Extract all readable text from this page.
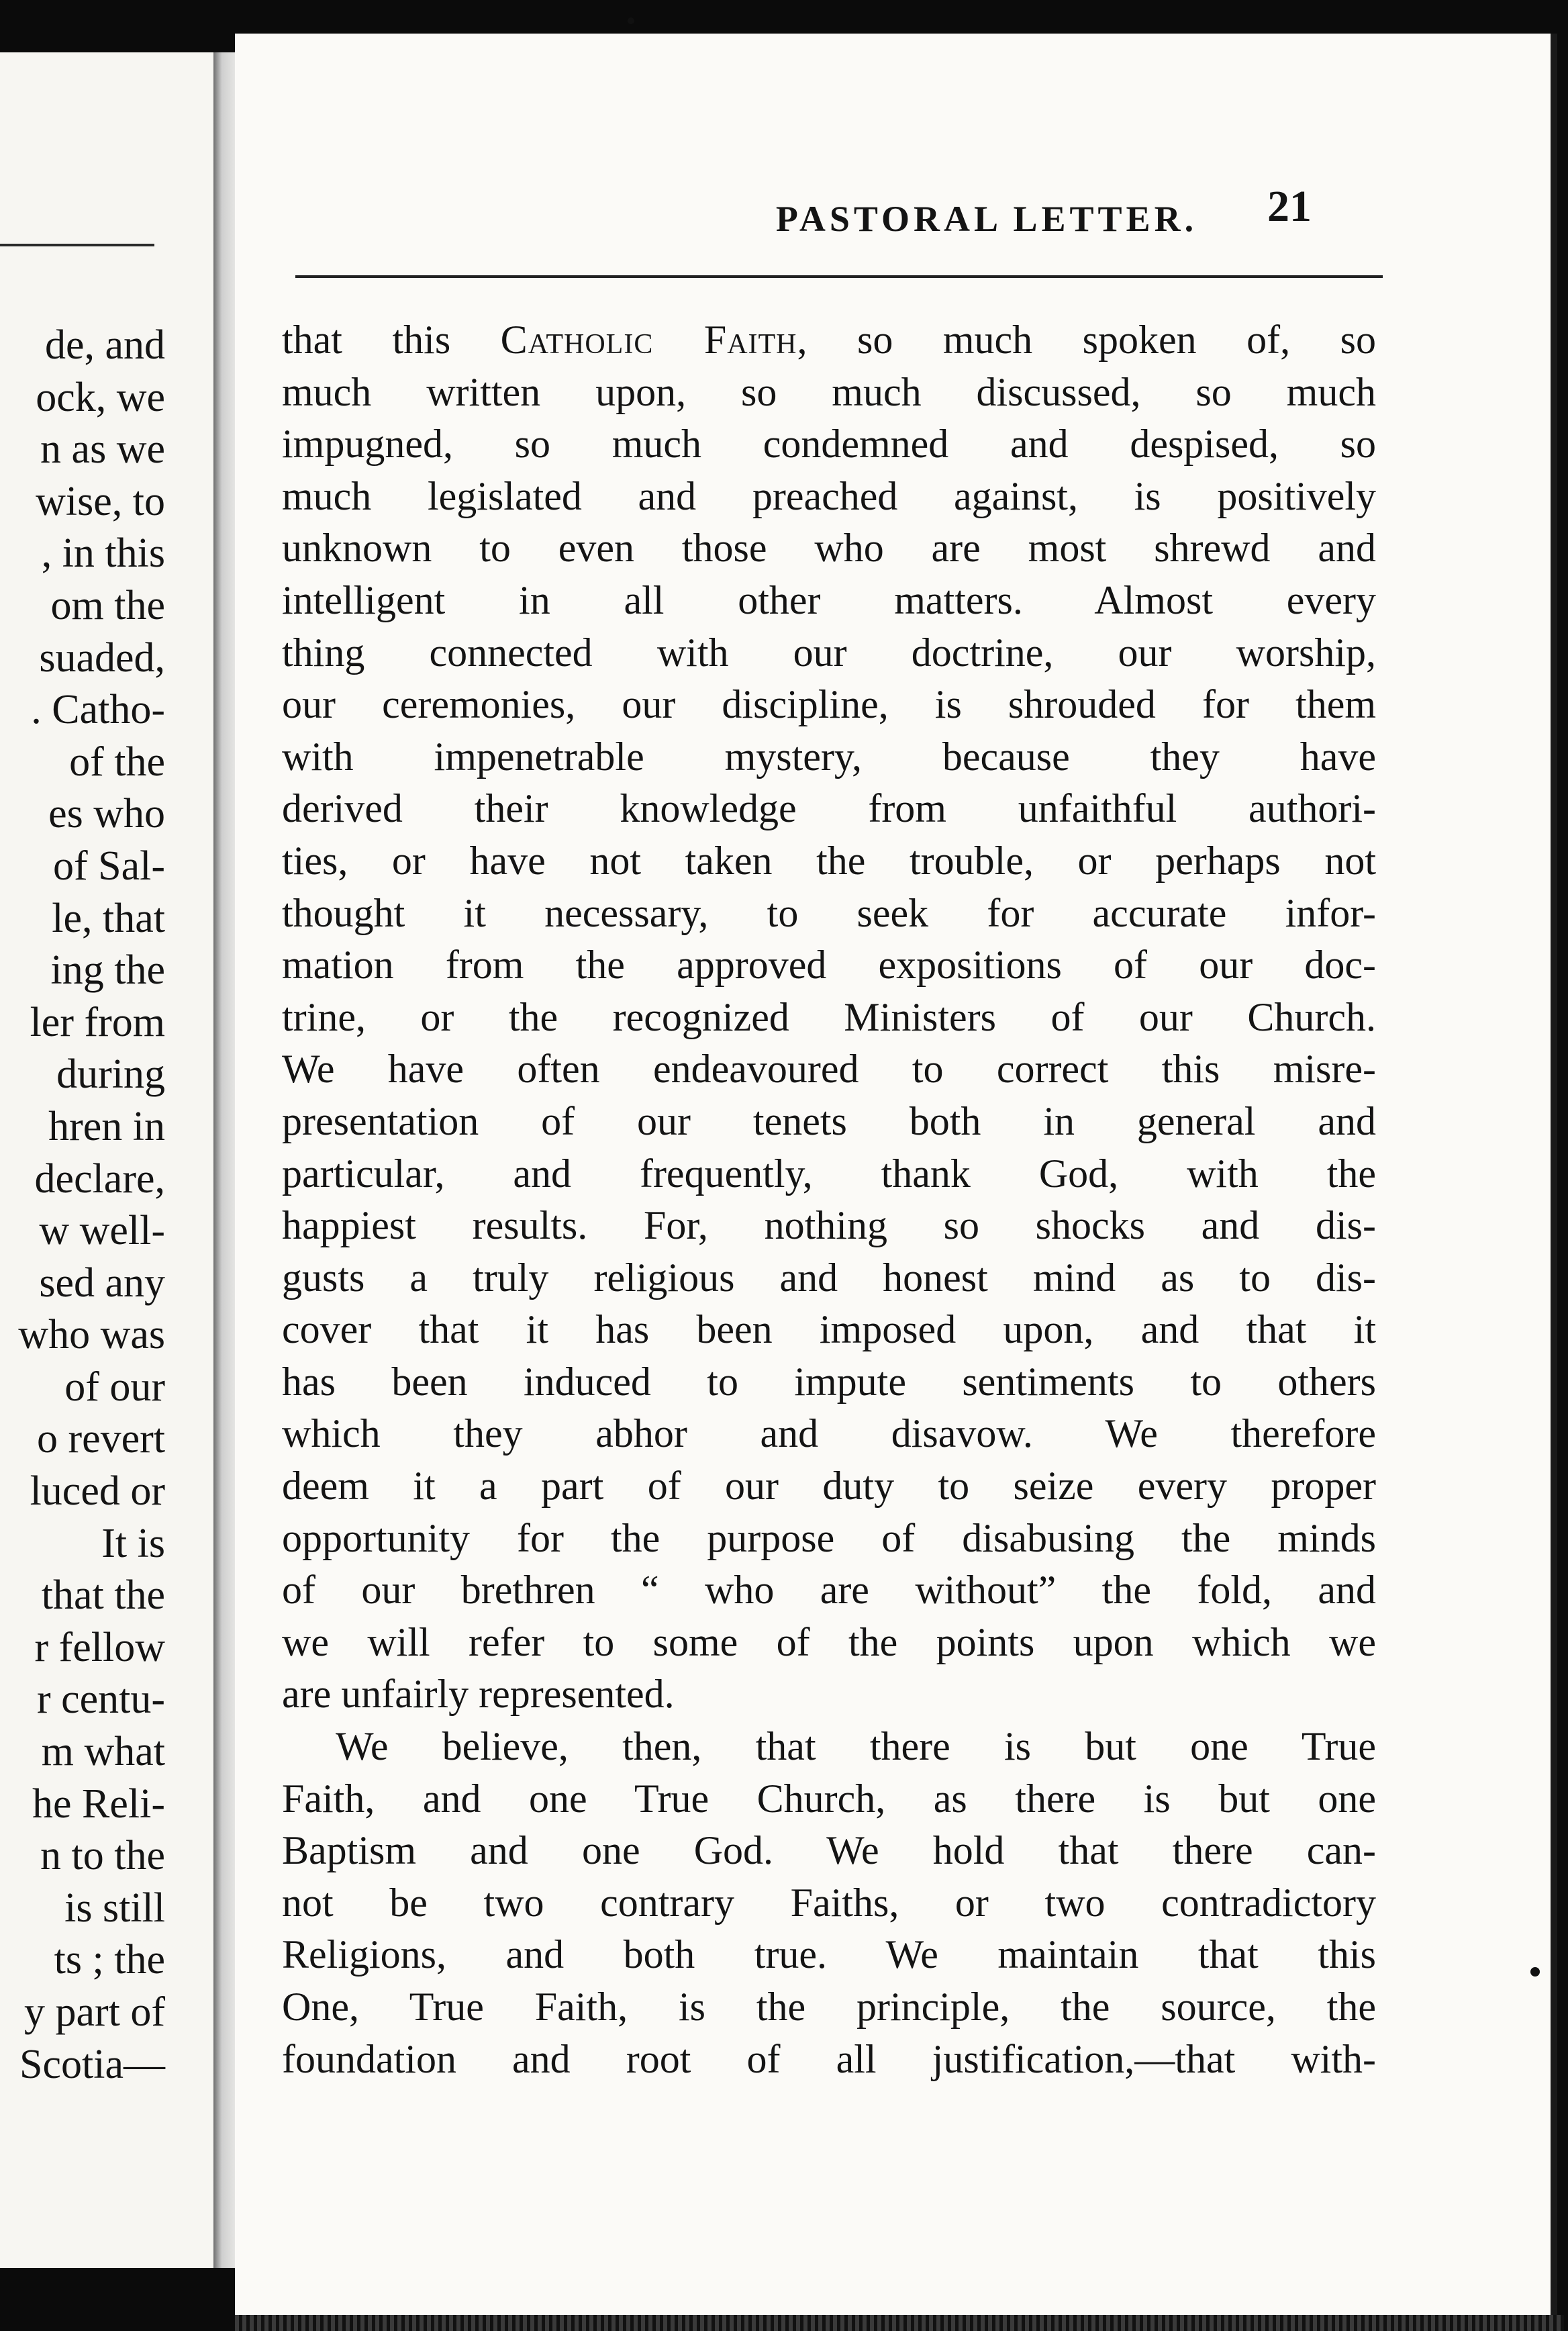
de, and
ock, we
n as we
wise, to
, in this
om the
suaded,
. Catho-
of the
es who
of Sal-
le, that
ing the
ler from
during
hren in
declare,
w well-
sed any
who was
of our
o revert
luced or
It is
that the
r fellow
r centu-
m what
he Reli-
n to the
is still
ts ; the
y part of
Scotia—
PASTORAL LETTER.	21
that this Catholic Faith, so much spoken of, so
much written upon, so much discussed, so much
impugned, so much condemned and despised, so
much legislated and preached against, is positively
unknown to even those who are most shrewd and
intelligent in all other matters. Almost every
thing connected with our doctrine, our worship,
our ceremonies, our discipline, is shrouded for them
with impenetrable mystery, because they have
derived their knowledge from unfaithful authori-
ties, or have not taken the trouble, or perhaps not
thought it necessary, to seek for accurate infor-
mation from the approved expositions of our doc-
trine, or the recognized Ministers of our Church.
We have often endeavoured to correct this misre-
presentation of our tenets both in general and
particular, and frequently, thank God, with the
happiest results. For, nothing so shocks and dis-
gusts a truly religious and honest mind as to dis-
cover that it has been imposed upon, and that it
has been induced to impute sentiments to others
which they abhor and disavow. We therefore
deem it a part of our duty to seize every proper
opportunity for the purpose of disabusing the minds
of our brethren “ who are without” the fold, and
we will refer to some of the points upon which we
are unfairly represented.
We believe, then, that there is but one True
Faith, and one True Church, as there is but one
Baptism and one God. We hold that there can-
not be two contrary Faiths, or two contradictory
Religions, and both true. We maintain that this
One, True Faith, is the principle, the source, the
foundation and root of all justification,—that with-
